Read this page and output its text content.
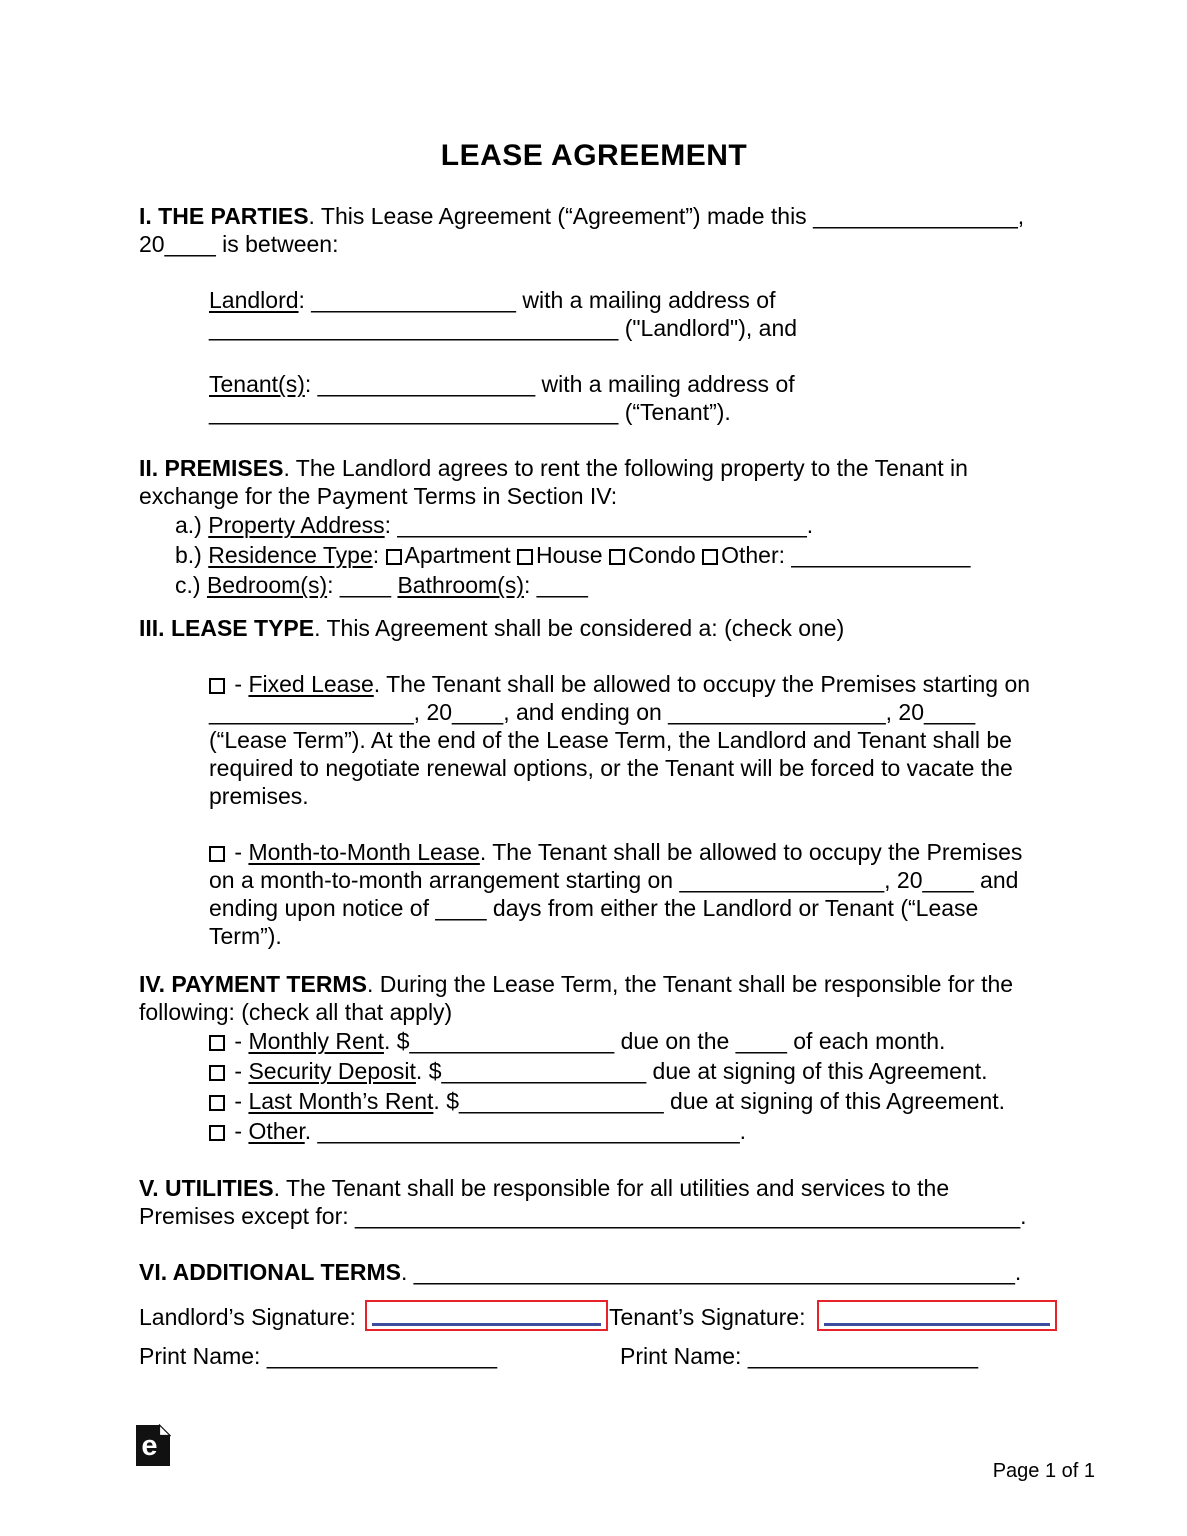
LEASE AGREEMENT

I. THE PARTIES. This Lease Agreement (“Agreement”) made this ________________, 20____ is between:

Landlord: ________________ with a mailing address of ________________________________ ("Landlord"), and

Tenant(s): _________________ with a mailing address of ________________________________ (“Tenant”).

II. PREMISES. The Landlord agrees to rent the following property to the Tenant in exchange for the Payment Terms in Section IV:

a.) Property Address: ________________________________.
b.) Residence Type: Apartment House Condo Other: ______________
c.) Bedroom(s): ____ Bathroom(s): ____

III. LEASE TYPE. This Agreement shall be considered a: (check one)

- Fixed Lease. The Tenant shall be allowed to occupy the Premises starting on ________________, 20____, and ending on _________________, 20____ (“Lease Term”). At the end of the Lease Term, the Landlord and Tenant shall be required to negotiate renewal options, or the Tenant will be forced to vacate the premises.

- Month-to-Month Lease. The Tenant shall be allowed to occupy the Premises on a month-to-month arrangement starting on ________________, 20____ and ending upon notice of ____ days from either the Landlord or Tenant (“Lease Term”).

IV. PAYMENT TERMS. During the Lease Term, the Tenant shall be responsible for the following: (check all that apply)

- Monthly Rent. $________________ due on the ____ of each month.
- Security Deposit. $________________ due at signing of this Agreement.
- Last Month’s Rent. $________________ due at signing of this Agreement.
- Other. _________________________________.

V. UTILITIES. The Tenant shall be responsible for all utilities and services to the Premises except for: ____________________________________________________.

VI. ADDITIONAL TERMS. _______________________________________________.

Landlord’s Signature:	Tenant’s Signature:
Print Name: __________________	Print Name: __________________
e
Page 1 of 1
